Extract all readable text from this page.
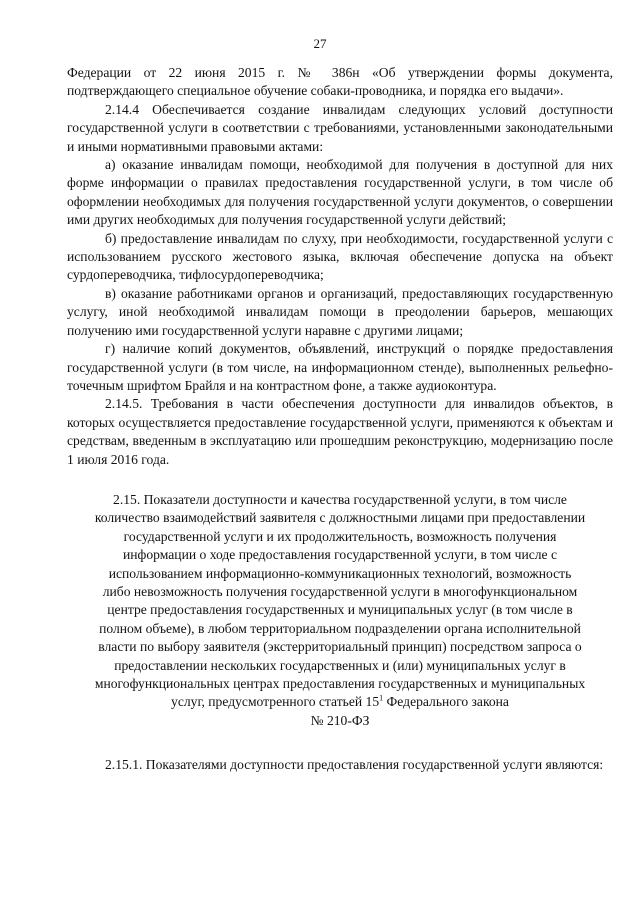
27

Федерации от 22 июня 2015 г. № 386н «Об утверждении формы документа, подтверждающего специальное обучение собаки-проводника, и порядка его выдачи».

2.14.4 Обеспечивается создание инвалидам следующих условий доступности государственной услуги в соответствии с требованиями, установленными законодательными и иными нормативными правовыми актами:

а) оказание инвалидам помощи, необходимой для получения в доступной для них форме информации о правилах предоставления государственной услуги, в том числе об оформлении необходимых для получения государственной услуги документов, о совершении ими других необходимых для получения государственной услуги действий;

б) предоставление инвалидам по слуху, при необходимости, государственной услуги с использованием русского жестового языка, включая обеспечение допуска на объект сурдопереводчика, тифлосурдопереводчика;

в) оказание работниками органов и организаций, предоставляющих государственную услугу, иной необходимой инвалидам помощи в преодолении барьеров, мешающих получению ими государственной услуги наравне с другими лицами;

г) наличие копий документов, объявлений, инструкций о порядке предоставления государственной услуги (в том числе, на информационном стенде), выполненных рельефно-точечным шрифтом Брайля и на контрастном фоне, а также аудиоконтура.

2.14.5. Требования в части обеспечения доступности для инвалидов объектов, в которых осуществляется предоставление государственной услуги, применяются к объектам и средствам, введенным в эксплуатацию или прошедшим реконструкцию, модернизацию после 1 июля 2016 года.

2.15. Показатели доступности и качества государственной услуги, в том числе
количество взаимодействий заявителя с должностными лицами при предоставлении
государственной услуги и их продолжительность, возможность получения
информации о ходе предоставления государственной услуги, в том числе с
использованием информационно-коммуникационных технологий, возможность
либо невозможность получения государственной услуги в многофункциональном
центре предоставления государственных и муниципальных услуг (в том числе в
полном объеме), в любом территориальном подразделении органа исполнительной
власти по выбору заявителя (экстерриториальный принцип) посредством запроса о
предоставлении нескольких государственных и (или) муниципальных услуг в
многофункциональных центрах предоставления государственных и муниципальных
услуг, предусмотренного статьей $15^1$ Федерального закона
№ 210-ФЗ

2.15.1. Показателями доступности предоставления государственной услуги являются:
